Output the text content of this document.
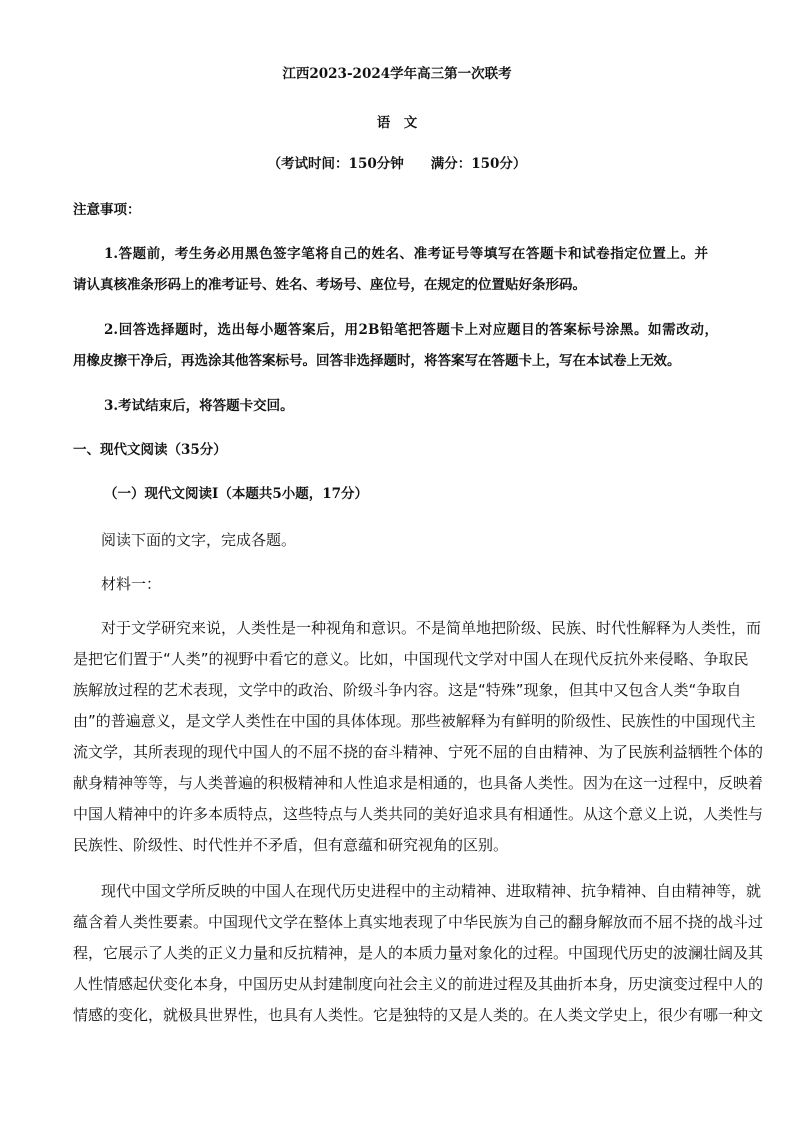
江西2023-2024学年高三第一次联考
语　文
（考试时间：150分钟　　满分：150分）
注意事项：
1.答题前，考生务必用黑色签字笔将自己的姓名、准考证号等填写在答题卡和试卷指定位置上。并
请认真核准条形码上的准考证号、姓名、考场号、座位号，在规定的位置贴好条形码。
2.回答选择题时，选出每小题答案后，用2B铅笔把答题卡上对应题目的答案标号涂黑。如需改动，
用橡皮擦干净后，再选涂其他答案标号。回答非选择题时，将答案写在答题卡上，写在本试卷上无效。
3.考试结束后，将答题卡交回。
一、现代文阅读（35分）
（一）现代文阅读Ⅰ（本题共5小题，17分）
阅读下面的文字，完成各题。
材料一：
对于文学研究来说，人类性是一种视角和意识。不是简单地把阶级、民族、时代性解释为人类性，而
是把它们置于“人类”的视野中看它的意义。比如，中国现代文学对中国人在现代反抗外来侵略、争取民
族解放过程的艺术表现，文学中的政治、阶级斗争内容。这是“特殊”现象，但其中又包含人类“争取自
由”的普遍意义，是文学人类性在中国的具体体现。那些被解释为有鲜明的阶级性、民族性的中国现代主
流文学，其所表现的现代中国人的不屈不挠的奋斗精神、宁死不屈的自由精神、为了民族利益牺牲个体的
献身精神等等，与人类普遍的积极精神和人性追求是相通的，也具备人类性。因为在这一过程中，反映着
中国人精神中的许多本质特点，这些特点与人类共同的美好追求具有相通性。从这个意义上说，人类性与
民族性、阶级性、时代性并不矛盾，但有意蕴和研究视角的区别。
现代中国文学所反映的中国人在现代历史进程中的主动精神、进取精神、抗争精神、自由精神等，就
蕴含着人类性要素。中国现代文学在整体上真实地表现了中华民族为自己的翻身解放而不屈不挠的战斗过
程，它展示了人类的正义力量和反抗精神，是人的本质力量对象化的过程。中国现代历史的波澜壮阔及其
人性情感起伏变化本身，中国历史从封建制度向社会主义的前进过程及其曲折本身，历史演变过程中人的
情感的变化，就极具世界性，也具有人类性。它是独特的又是人类的。在人类文学史上，很少有哪一种文
